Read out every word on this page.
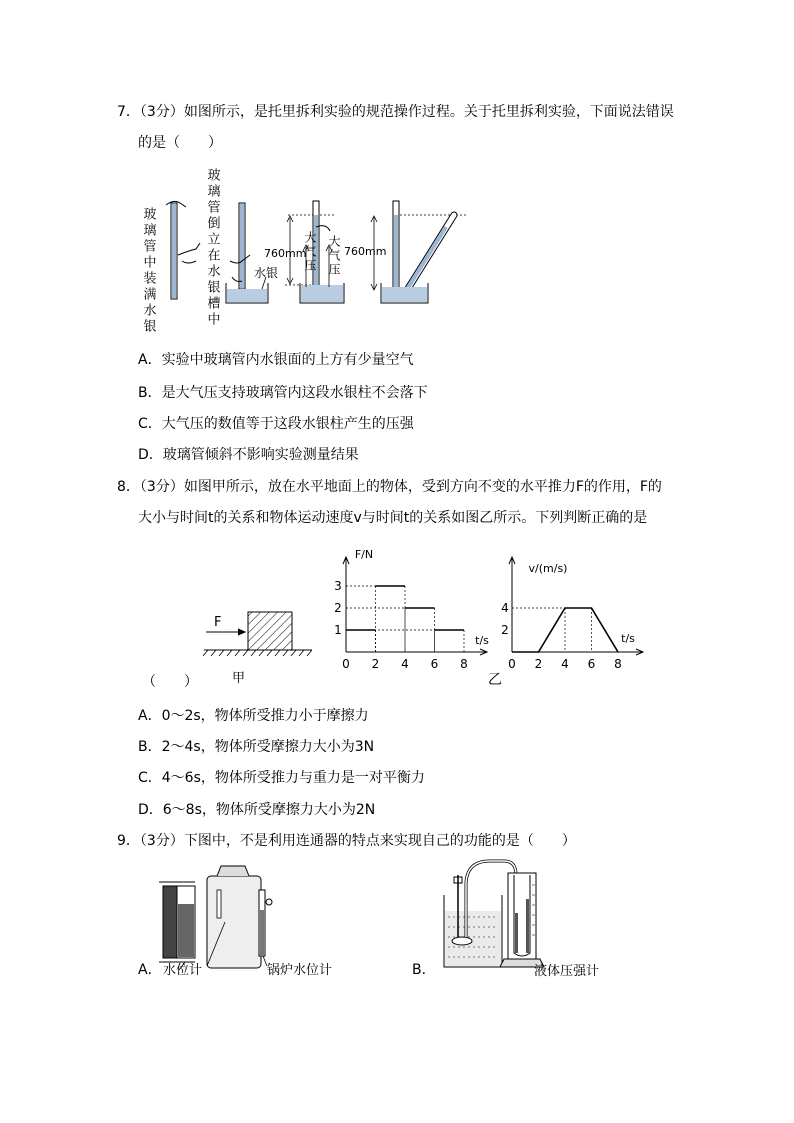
7．（3分）如图所示，是托里拆利实验的规范操作过程。关于托里拆利实验，下面说法错误
的是（　　）
玻璃管中装满水银	玻璃管倒立在水银槽中	水银
760mm
大气压 大气压 760mm
A．实验中玻璃管内水银面的上方有少量空气
B．是大气压支持玻璃管内这段水银柱不会落下
C．大气压的数值等于这段水银柱产生的压强
D．玻璃管倾斜不影响实验测量结果
8．（3分）如图甲所示，放在水平地面上的物体，受到方向不变的水平推力F的作用，F的
大小与时间t的关系和物体运动速度v与时间t的关系如图乙所示。下列判断正确的是
F
甲
（　　）
F/N
t/s
0 2 4 6 8
1
2
3
v/(m/s)
t/s
0 2 4 6 8
2
4
乙
A．0～2s，物体所受推力小于摩擦力
B．2～4s，物体所受摩擦力大小为3N
C．4～6s，物体所受推力与重力是一对平衡力
D．6～8s，物体所受摩擦力大小为2N
9．（3分）下图中，不是利用连通器的特点来实现自己的功能的是（　　）
A． 水位计	锅炉水位计	B．	液体压强计
